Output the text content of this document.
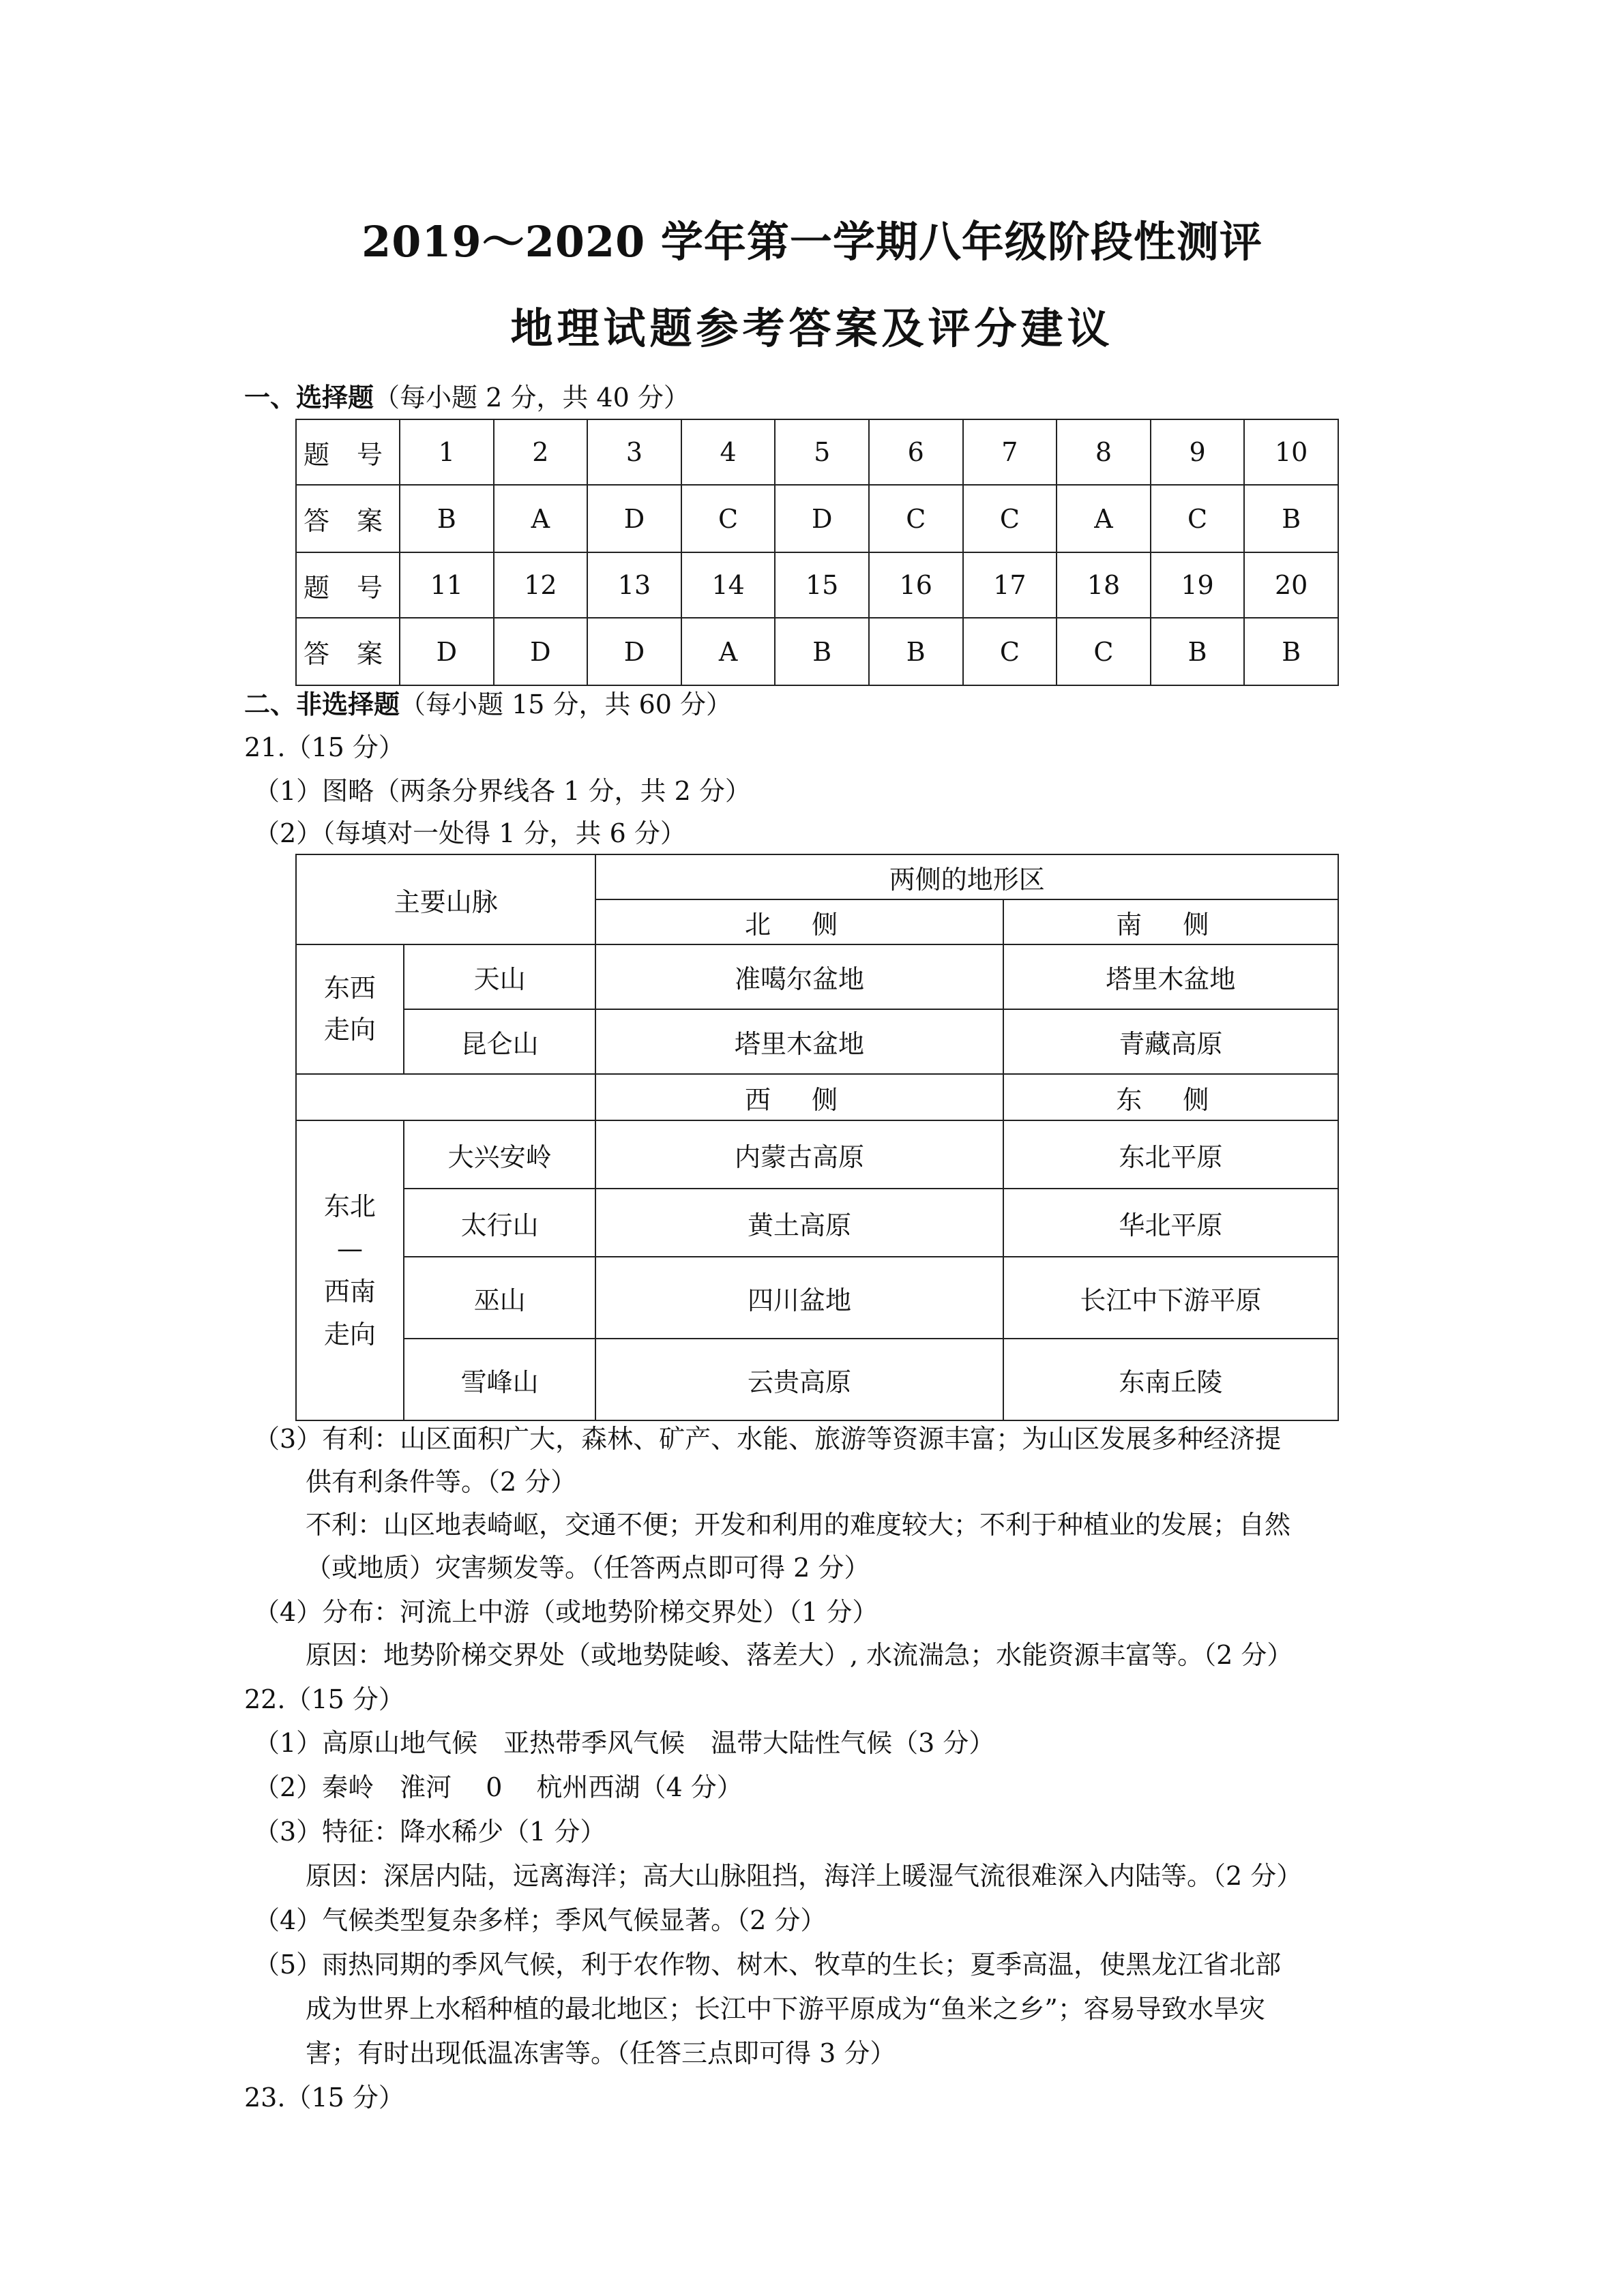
2019～2020 学年第一学期八年级阶段性测评
地理试题参考答案及评分建议
一、选择题（每小题 2 分，共 40 分）
题 号	1	2	3	4	5	6	7	8	9	10
答 案	B	A	D	C	D	C	C	A	C	B
题 号	11	12	13	14	15	16	17	18	19	20
答 案	D	D	D	A	B	B	C	C	B	B
二、非选择题（每小题 15 分，共 60 分）
21.（15 分）
（1）图略（两条分界线各 1 分，共 2 分）
（2）（每填对一处得 1 分，共 6 分）
主要山脉		两侧的地形区	
		北 侧	南 侧

东西走向	天山	准噶尔盆地	塔里木盆地
	昆仑山	塔里木盆地	青藏高原
		西 侧	东 侧

东北
—
西南
走向	大兴安岭	内蒙古高原	东北平原
	太行山	黄土高原	华北平原
	巫山	四川盆地	长江中下游平原
	雪峰山	云贵高原	东南丘陵
（3）有利：山区面积广大，森林、矿产、水能、旅游等资源丰富；为山区发展多种经济提
供有利条件等。（2 分）
不利：山区地表崎岖，交通不便；开发和利用的难度较大；不利于种植业的发展；自然
（或地质）灾害频发等。（任答两点即可得 2 分）
（4）分布：河流上中游（或地势阶梯交界处）（1 分）
原因：地势阶梯交界处（或地势陡峻、落差大）, 水流湍急；水能资源丰富等。（2 分）
22.（15 分）
（1）高原山地气候　亚热带季风气候　温带大陆性气候（3 分）
（2）秦岭　淮河　 0 　杭州西湖（4 分）
（3）特征：降水稀少（1 分）
原因：深居内陆，远离海洋；高大山脉阻挡，海洋上暖湿气流很难深入内陆等。（2 分）
（4）气候类型复杂多样；季风气候显著。（2 分）
（5）雨热同期的季风气候，利于农作物、树木、牧草的生长；夏季高温，使黑龙江省北部
成为世界上水稻种植的最北地区；长江中下游平原成为“鱼米之乡”；容易导致水旱灾
害；有时出现低温冻害等。（任答三点即可得 3 分）
23.（15 分）
